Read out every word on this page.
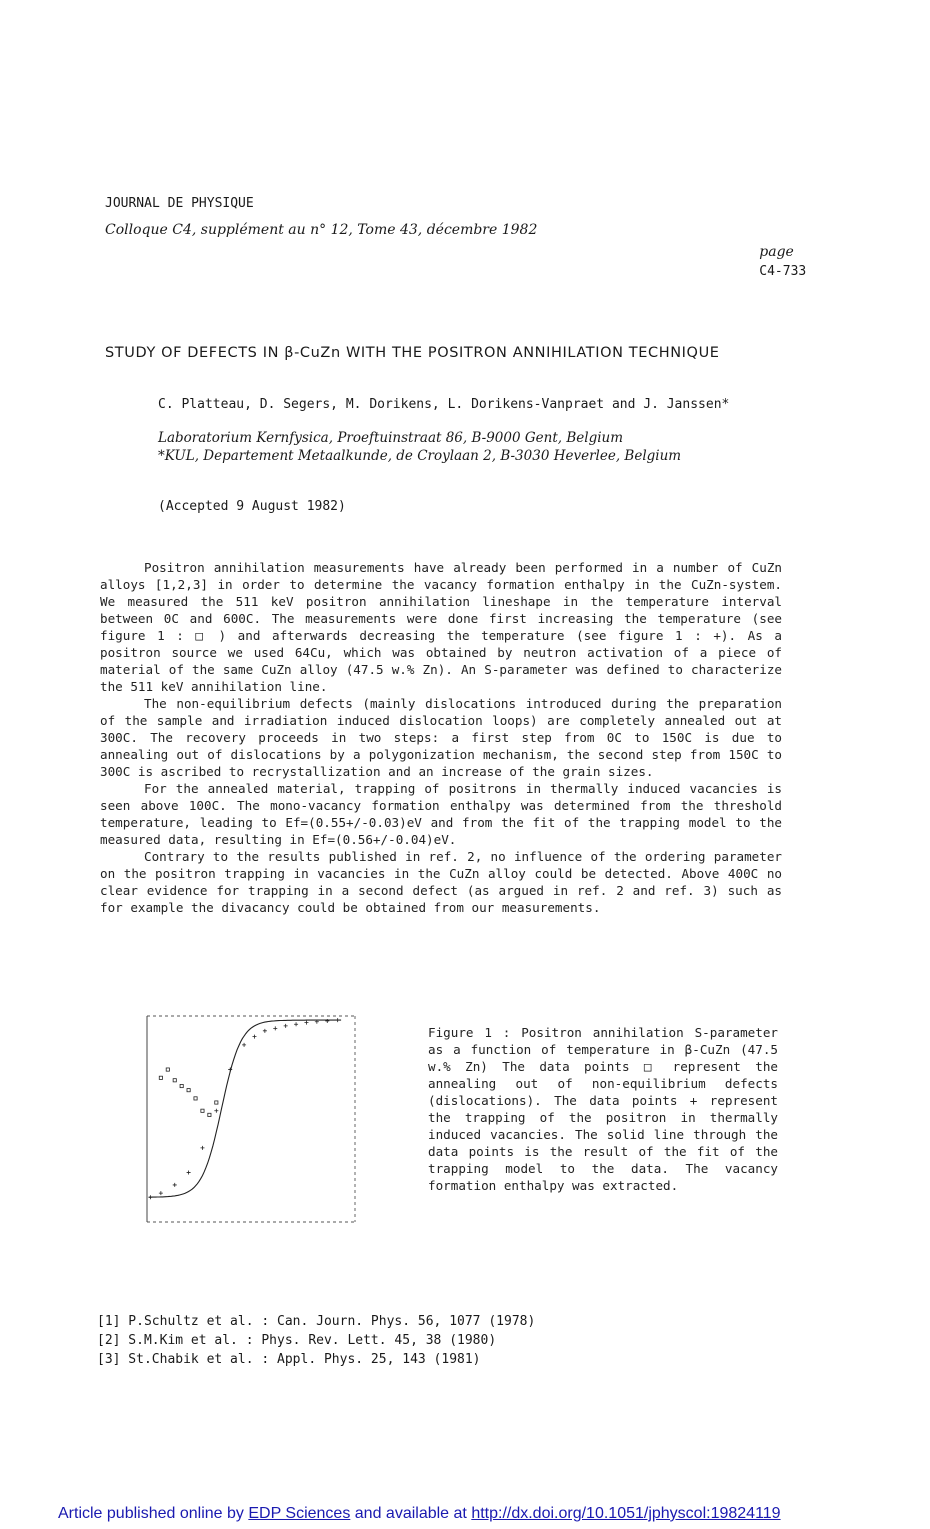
JOURNAL DE PHYSIQUE
Colloque C4, supplément au n° 12, Tome 43, décembre 1982

page
C4-733

STUDY OF DEFECTS IN β-CuZn WITH THE POSITRON ANNIHILATION TECHNIQUE
C. Platteau, D. Segers, M. Dorikens, L. Dorikens-Vanpraet and J. Janssen*
Laboratorium Kernfysica, Proeftuinstraat 86, B-9000 Gent, Belgium
*KUL, Departement Metaalkunde, de Croylaan 2, B-3030 Heverlee, Belgium
(Accepted 9 August 1982)

Positron annihilation measurements have already been performed in a number of CuZn alloys [1,2,3] in order to determine the vacancy formation enthalpy in the CuZn-system. We measured the 511 keV positron annihilation lineshape in the temperature interval between 0C and 600C. The measurements were done first increasing the temperature (see figure 1 : □ ) and afterwards decreasing the temperature (see figure 1 : +). As a positron source we used 64Cu, which was obtained by neutron activation of a piece of material of the same CuZn alloy (47.5 w.% Zn). An S-parameter was defined to characterize the 511 keV annihilation line.

The non-equilibrium defects (mainly dislocations introduced during the preparation of the sample and irradiation induced dislocation loops) are completely annealed out at 300C. The recovery proceeds in two steps: a first step from 0C to 150C is due to annealing out of dislocations by a polygonization mechanism, the second step from 150C to 300C is ascribed to recrystallization and an increase of the grain sizes.

For the annealed material, trapping of positrons in thermally induced vacancies is seen above 100C. The mono-vacancy formation enthalpy was determined from the threshold temperature, leading to Ef=(0.55+/-0.03)eV and from the fit of the trapping model to the measured data, resulting in Ef=(0.56+/-0.04)eV.

Contrary to the results published in ref. 2, no influence of the ordering parameter on the positron trapping in vacancies in the CuZn alloy could be detected. Above 400C no clear evidence for trapping in a second defect (as argued in ref. 2 and ref. 3) such as for example the divacancy could be obtained from our measurements.

Figure 1 : Positron annihilation S-parameter as a function of temperature in β-CuZn (47.5 w.% Zn) The data points □ represent the annealing out of non-equilibrium defects (dislocations). The data points + represent the trapping of the positron in thermally induced vacancies. The solid line through the data points is the result of the fit of the trapping model to the data. The vacancy formation enthalpy was extracted.
[1] P.Schultz et al. : Can. Journ. Phys. 56, 1077 (1978)
[2] S.M.Kim et al. : Phys. Rev. Lett. 45, 38 (1980)
[3] St.Chabik et al. : Appl. Phys. 25, 143 (1981)
Article published online by EDP Sciences and available at http://dx.doi.org/10.1051/jphyscol:19824119
